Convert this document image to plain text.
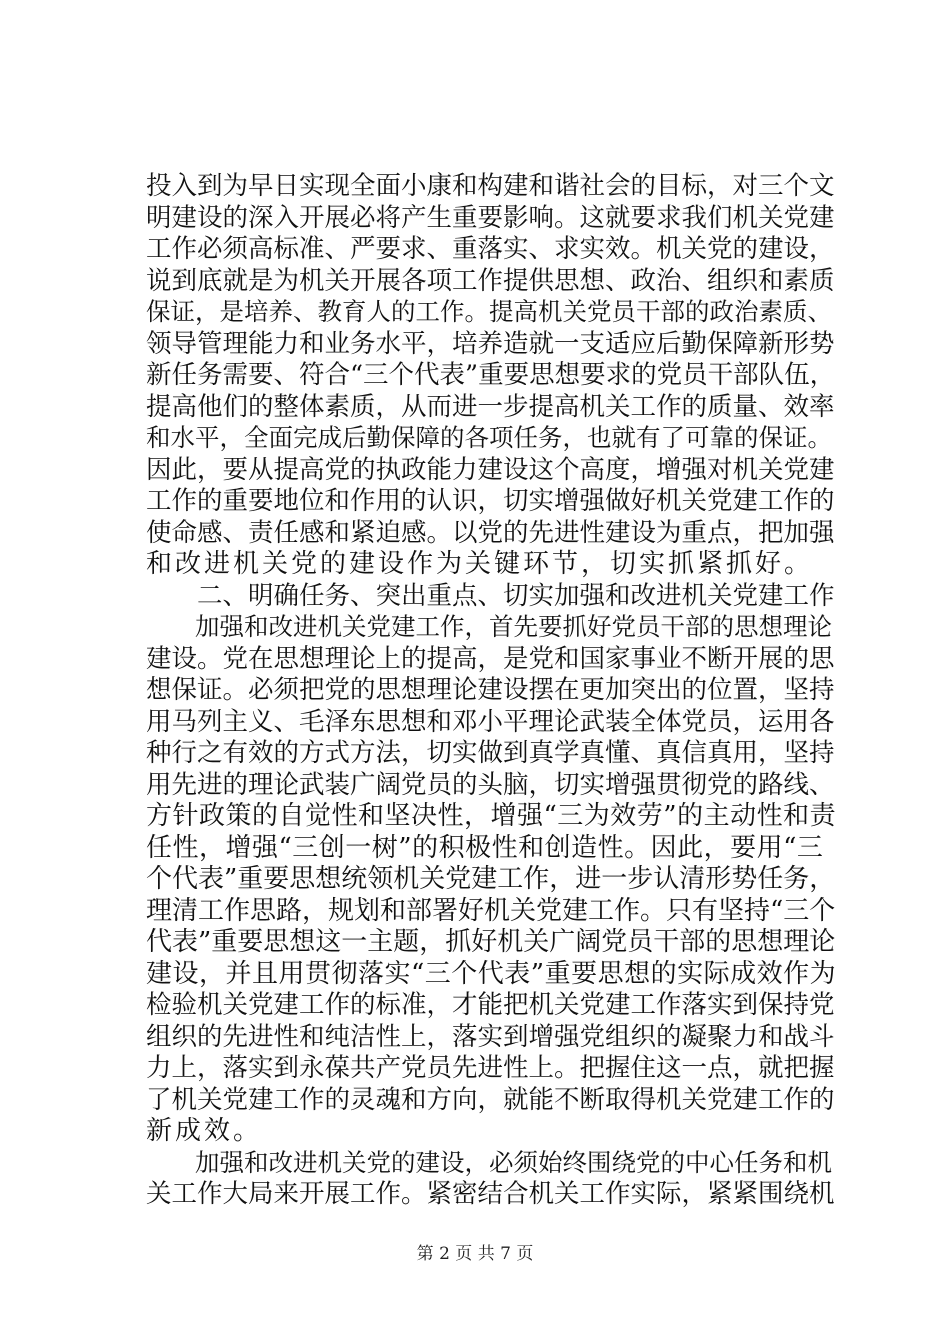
投入到为早日实现全面小康和构建和谐社会的目标，对三个文

明建设的深入开展必将产生重要影响。这就要求我们机关党建

工作必须高标准、严要求、重落实、求实效。机关党的建设，

说到底就是为机关开展各项工作提供思想、政治、组织和素质

保证，是培养、教育人的工作。提高机关党员干部的政治素质、

领导管理能力和业务水平，培养造就一支适应后勤保障新形势

新任务需要、符合“三个代表”重要思想要求的党员干部队伍，

提高他们的整体素质，从而进一步提高机关工作的质量、效率

和水平，全面完成后勤保障的各项任务，也就有了可靠的保证。

因此，要从提高党的执政能力建设这个高度，增强对机关党建

工作的重要地位和作用的认识，切实增强做好机关党建工作的

使命感、责任感和紧迫感。以党的先进性建设为重点，把加强

和改进机关党的建设作为关键环节，切实抓紧抓好。

　　二、明确任务、突出重点、切实加强和改进机关党建工作

　　加强和改进机关党建工作，首先要抓好党员干部的思想理论

建设。党在思想理论上的提高，是党和国家事业不断开展的思

想保证。必须把党的思想理论建设摆在更加突出的位置，坚持

用马列主义、毛泽东思想和邓小平理论武装全体党员，运用各

种行之有效的方式方法，切实做到真学真懂、真信真用，坚持

用先进的理论武装广阔党员的头脑，切实增强贯彻党的路线、

方针政策的自觉性和坚决性，增强“三为效劳”的主动性和责

任性，增强“三创一树”的积极性和创造性。因此，要用“三

个代表”重要思想统领机关党建工作，进一步认清形势任务，

理清工作思路，规划和部署好机关党建工作。只有坚持“三个

代表”重要思想这一主题，抓好机关广阔党员干部的思想理论

建设，并且用贯彻落实“三个代表”重要思想的实际成效作为

检验机关党建工作的标准，才能把机关党建工作落实到保持党

组织的先进性和纯洁性上，落实到增强党组织的凝聚力和战斗

力上，落实到永葆共产党员先进性上。把握住这一点，就把握

了机关党建工作的灵魂和方向，就能不断取得机关党建工作的

新成效。

　　加强和改进机关党的建设，必须始终围绕党的中心任务和机

关工作大局来开展工作。紧密结合机关工作实际，紧紧围绕机

第 2 页 共 7 页
